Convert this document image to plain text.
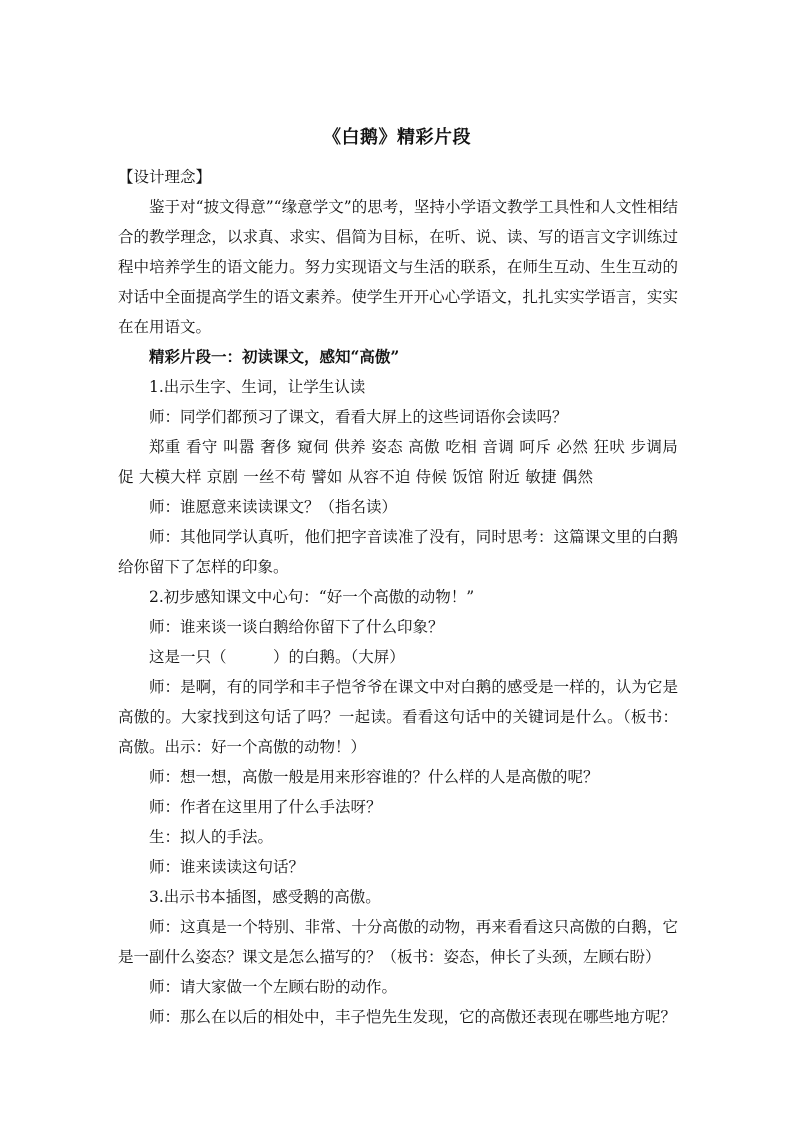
《白鹅》精彩片段

【设计理念】

鉴于对“披文得意”“缘意学文”的思考，坚持小学语文教学工具性和人文性相结合的教学理念，以求真、求实、倡简为目标，在听、说、读、写的语言文字训练过程中培养学生的语文能力。努力实现语文与生活的联系，在师生互动、生生互动的对话中全面提高学生的语文素养。使学生开开心心学语文，扎扎实实学语言，实实在在用语文。

精彩片段一：初读课文，感知“高傲”

1.出示生字、生词，让学生认读

师：同学们都预习了课文，看看大屏上的这些词语你会读吗？

郑重 看守 叫嚣 奢侈 窥伺 供养 姿态 高傲 吃相 音调 呵斥 必然 狂吠 步调局促 大模大样 京剧 一丝不苟 譬如 从容不迫 侍候 饭馆 附近 敏捷 偶然

师：谁愿意来读读课文？（指名读）

师：其他同学认真听，他们把字音读准了没有，同时思考：这篇课文里的白鹅给你留下了怎样的印象。

2.初步感知课文中心句：“好一个高傲的动物！”

师：谁来谈一谈白鹅给你留下了什么印象？

这是一只（　　　）的白鹅。（大屏）

师：是啊，有的同学和丰子恺爷爷在课文中对白鹅的感受是一样的，认为它是高傲的。大家找到这句话了吗？一起读。看看这句话中的关键词是什么。（板书：高傲。出示：好一个高傲的动物！）

师：想一想，高傲一般是用来形容谁的？什么样的人是高傲的呢？

师：作者在这里用了什么手法呀？

生：拟人的手法。

师：谁来读读这句话？

3.出示书本插图，感受鹅的高傲。

师：这真是一个特别、非常、十分高傲的动物，再来看看这只高傲的白鹅，它是一副什么姿态？课文是怎么描写的？（板书：姿态，伸长了头颈，左顾右盼）

师：请大家做一个左顾右盼的动作。

师：那么在以后的相处中，丰子恺先生发现，它的高傲还表现在哪些地方呢？
